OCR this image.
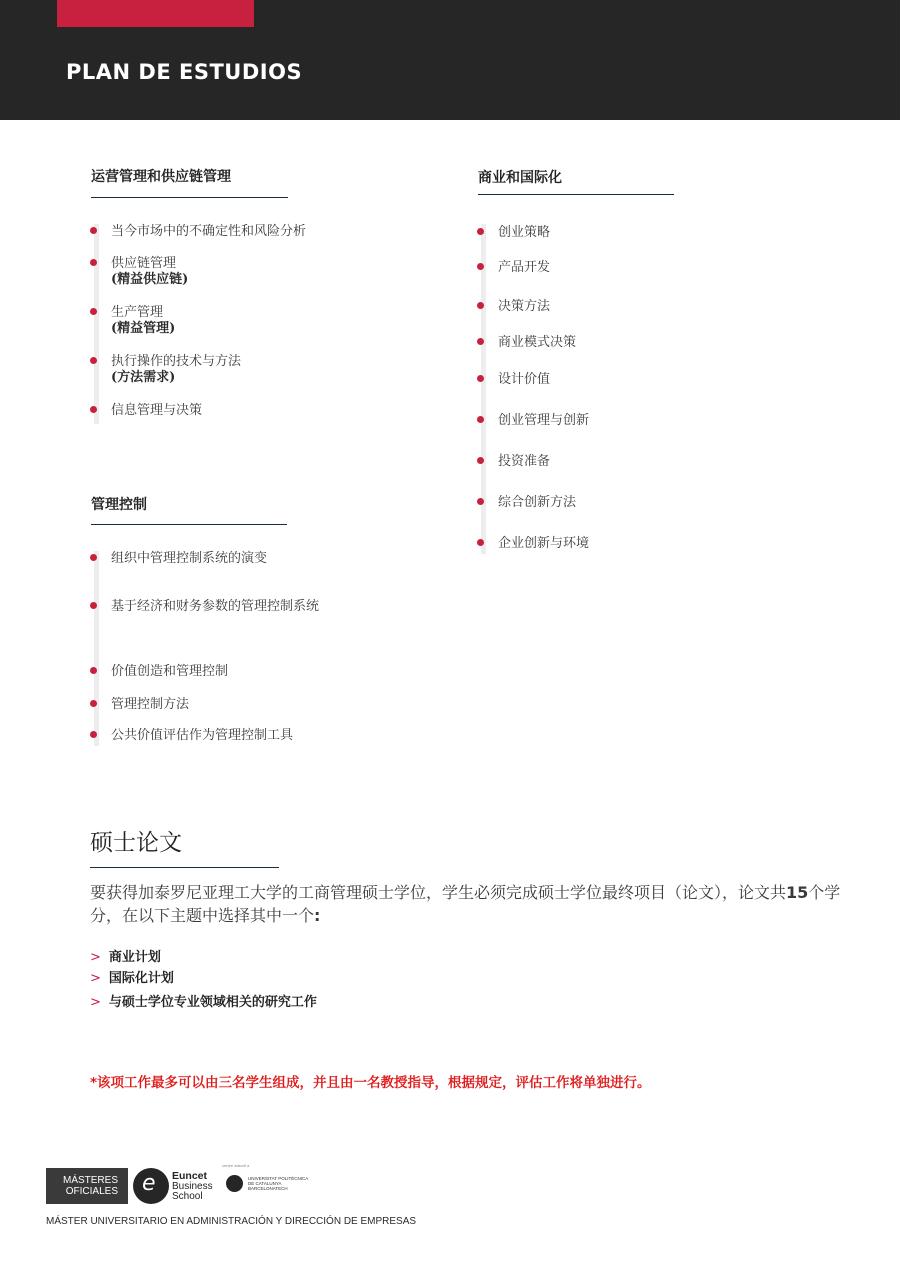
PLAN DE ESTUDIOS
运营管理和供应链管理
当今市场中的不确定性和风险分析
供应链管理
(精益供应链)
生产管理
(精益管理)
执行操作的技术与方法
(方法需求)
信息管理与决策
管理控制
组织中管理控制系统的演变
基于经济和财务参数的管理控制系统
价值创造和管理控制
管理控制方法
公共价值评估作为管理控制工具
商业和国际化
创业策略
产品开发
决策方法
商业模式决策
设计价值
创业管理与创新
投资准备
综合创新方法
企业创新与环境
硕士论文
要获得加泰罗尼亚理工大学的工商管理硕士学位，学生必须完成硕士学位最终项目（论文），论文共15个学分，在以下主题中选择其中一个:
> 商业计划
> 国际化计划
> 与硕士学位专业领域相关的研究工作
*该项工作最多可以由三名学生组成，并且由一名教授指导，根据规定，评估工作将单独进行。
MÁSTERES
OFICIALES	e Euncet
Business
School
centre adscrit a
UNIVERSITAT POLITÈCNICA
DE CATALUNYA
BARCELONATECH
MÁSTER UNIVERSITARIO EN ADMINISTRACIÓN Y DIRECCIÓN DE EMPRESAS
